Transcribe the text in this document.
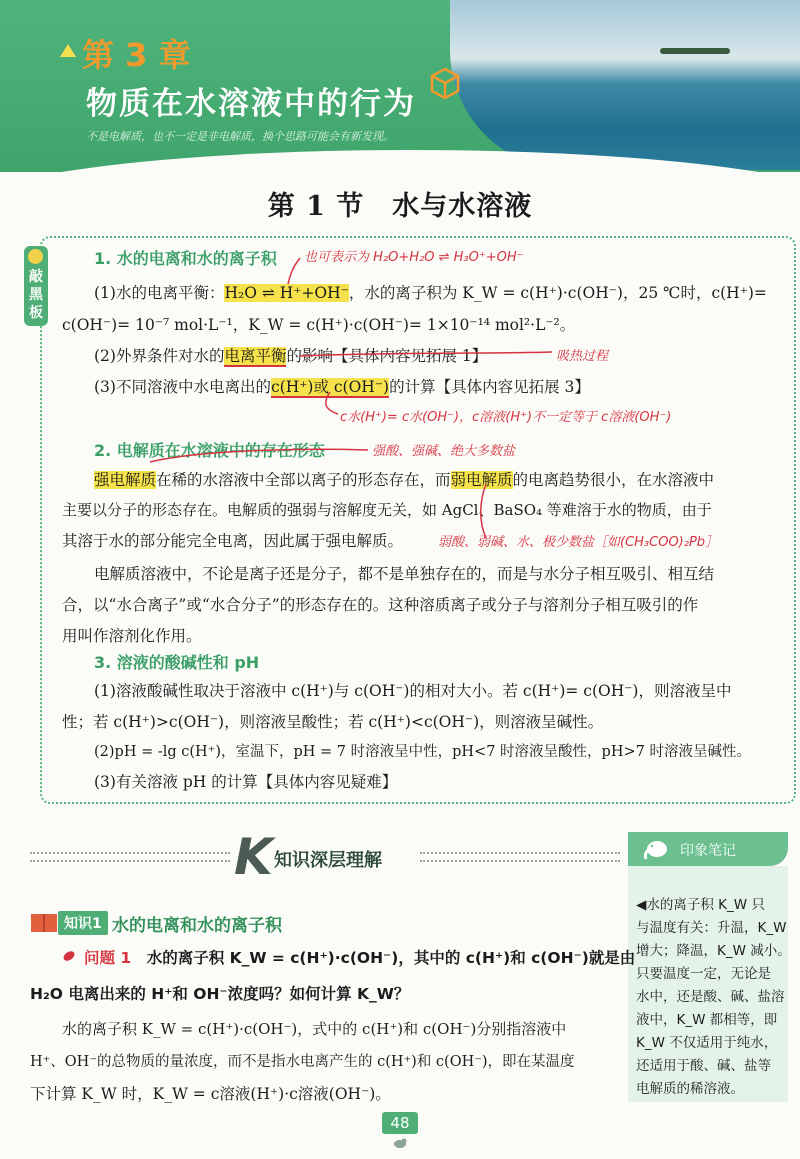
第 3 章
物质在水溶液中的行为
不是电解质，也不一定是非电解质，换个思路可能会有新发现。
第 1 节　水与水溶液
敲黑板
1. 水的电离和水的离子积 也可表示为 H₂O+H₂O ⇌ H₃O⁺+OH⁻
(1)水的电离平衡：H₂O ⇌ H⁺+OH⁻，水的离子积为 K_W = c(H⁺)·c(OH⁻)，25 ℃时，c(H⁺)=
c(OH⁻)= 10⁻⁷ mol·L⁻¹，K_W = c(H⁺)·c(OH⁻)= 1×10⁻¹⁴ mol²·L⁻²。
(2)外界条件对水的电离平衡的影响【具体内容见拓展 1】	吸热过程
(3)不同溶液中水电离出的c(H⁺)或 c(OH⁻)的计算【具体内容见拓展 3】
c水(H⁺)= c水(OH⁻)，c溶液(H⁺)不一定等于 c溶液(OH⁻)
2. 电解质在水溶液中的存在形态	强酸、强碱、绝大多数盐
强电解质在稀的水溶液中全部以离子的形态存在，而弱电解质的电离趋势很小，在水溶液中
主要以分子的形态存在。电解质的强弱与溶解度无关，如 AgCl、BaSO₄ 等难溶于水的物质，由于
其溶于水的部分能完全电离，因此属于强电解质。	弱酸、弱碱、水、极少数盐［如(CH₃COO)₂Pb］
电解质溶液中，不论是离子还是分子，都不是单独存在的，而是与水分子相互吸引、相互结
合，以“水合离子”或“水合分子”的形态存在的。这种溶质离子或分子与溶剂分子相互吸引的作
用叫作溶剂化作用。
3. 溶液的酸碱性和 pH
(1)溶液酸碱性取决于溶液中 c(H⁺)与 c(OH⁻)的相对大小。若 c(H⁺)= c(OH⁻)，则溶液呈中
性；若 c(H⁺)>c(OH⁻)，则溶液呈酸性；若 c(H⁺)<c(OH⁻)，则溶液呈碱性。
(2)pH = -lg c(H⁺)，室温下，pH = 7 时溶液呈中性，pH<7 时溶液呈酸性，pH>7 时溶液呈碱性。
(3)有关溶液 pH 的计算【具体内容见疑难】
K 知识深层理解	印象笔记
◀水的离子积 K_W 只
与温度有关：升温，K_W
增大；降温，K_W 减小。
只要温度一定，无论是
水中，还是酸、碱、盐溶
液中，K_W 都相等，即
K_W 不仅适用于纯水，
还适用于酸、碱、盐等
电解质的稀溶液。
知识1 水的电离和水的离子积
问题 1　 水的离子积 K_W = c(H⁺)·c(OH⁻)，其中的 c(H⁺)和 c(OH⁻)就是由
H₂O 电离出来的 H⁺和 OH⁻浓度吗？如何计算 K_W？
水的离子积 K_W = c(H⁺)·c(OH⁻)，式中的 c(H⁺)和 c(OH⁻)分别指溶液中
H⁺、OH⁻的总物质的量浓度，而不是指水电离产生的 c(H⁺)和 c(OH⁻)，即在某温度
下计算 K_W 时，K_W = c溶液(H⁺)·c溶液(OH⁻)。
48
